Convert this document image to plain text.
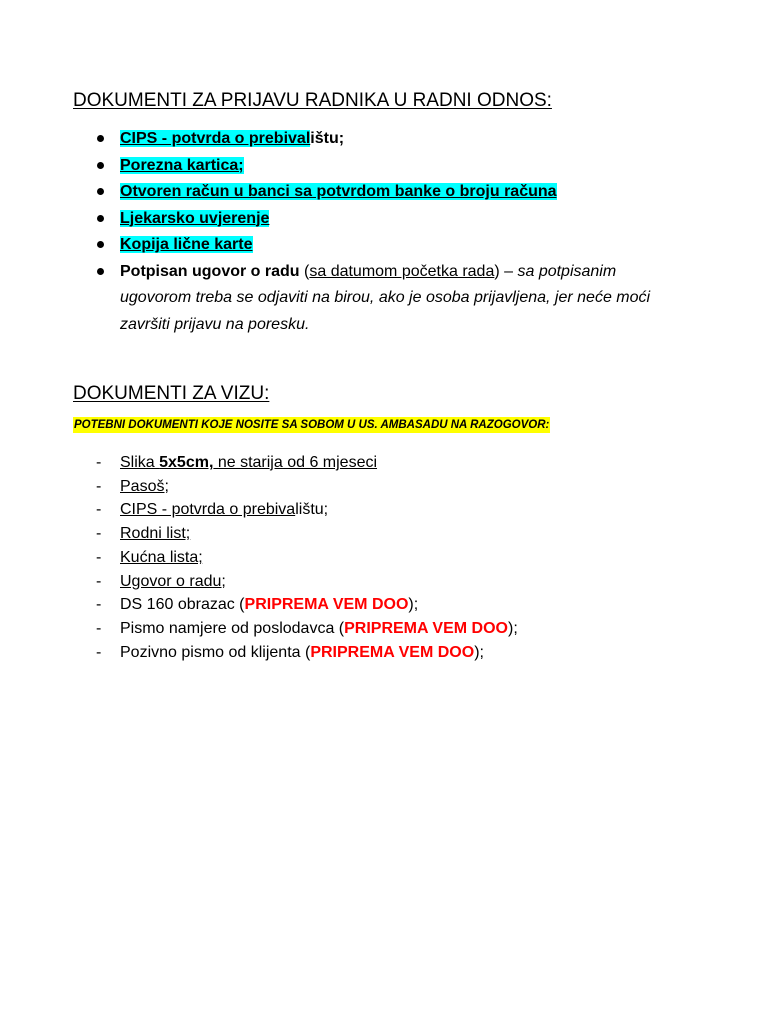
DOKUMENTI ZA PRIJAVU RADNIKA U RADNI ODNOS:
CIPS - potvrda o prebivalištu;
Porezna kartica;
Otvoren račun u banci sa potvrdom banke o broju računa
Ljekarsko uvjerenje
Kopija lične karte
Potpisan ugovor o radu (sa datumom početka rada) – sa potpisanim ugovorom treba se odjaviti na birou, ako je osoba prijavljena, jer neće moći završiti prijavu na poresku.
DOKUMENTI ZA VIZU:
POTEBNI DOKUMENTI KOJE NOSITE SA SOBOM U US. AMBASADU NA RAZOGOVOR:
- Slika 5x5cm, ne starija od 6 mjeseci
- Pasoš;
- CIPS - potvrda o prebivalištu;
- Rodni list;
- Kućna lista;
- Ugovor o radu;
- DS 160 obrazac (PRIPREMA VEM DOO);
- Pismo namjere od poslodavca (PRIPREMA VEM DOO);
- Pozivno pismo od klijenta (PRIPREMA VEM DOO);
